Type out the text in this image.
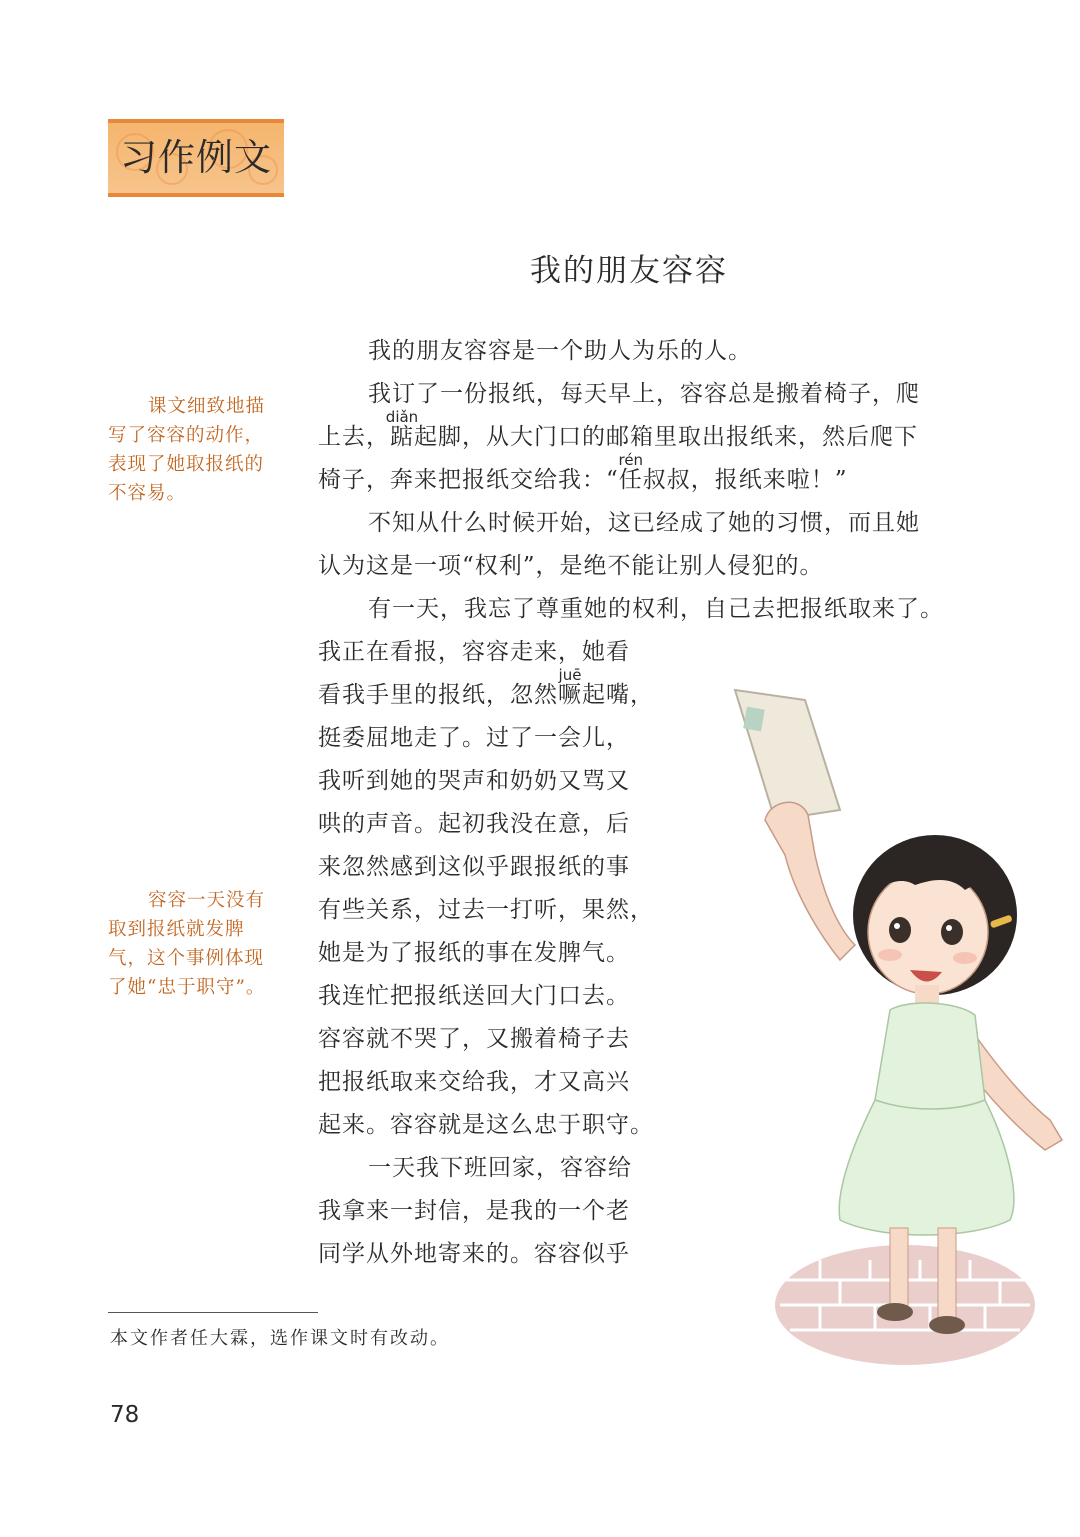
习作例文
我的朋友容容
我的朋友容容是一个助人为乐的人。
我订了一份报纸，每天早上，容容总是搬着椅子，爬
上去，
diǎn
踮起脚，从大门口的邮箱里取出报纸来，然后爬下
椅子，奔来把报纸交给我：“
rén
任叔叔，报纸来啦！”
不知从什么时候开始，这已经成了她的习惯，而且她
认为这是一项“权利”，是绝不能让别人侵犯的。
有一天，我忘了尊重她的权利，自己去把报纸取来了。
我正在看报，容容走来，她看
看我手里的报纸，忽然
juē
噘起嘴，
挺委屈地走了。过了一会儿，
我听到她的哭声和奶奶又骂又
哄的声音。起初我没在意，后
来忽然感到这似乎跟报纸的事
有些关系，过去一打听，果然，
她是为了报纸的事在发脾气。
我连忙把报纸送回大门口去。
容容就不哭了，又搬着椅子去
把报纸取来交给我，才又高兴
起来。容容就是这么忠于职守。
一天我下班回家，容容给
我拿来一封信，是我的一个老
同学从外地寄来的。容容似乎
课文细致地描
写了容容的动作，
表现了她取报纸的
不容易。
容容一天没有
取到报纸就发脾
气，这个事例体现
了她“忠于职守”。
本文作者任大霖，选作课文时有改动。
78
